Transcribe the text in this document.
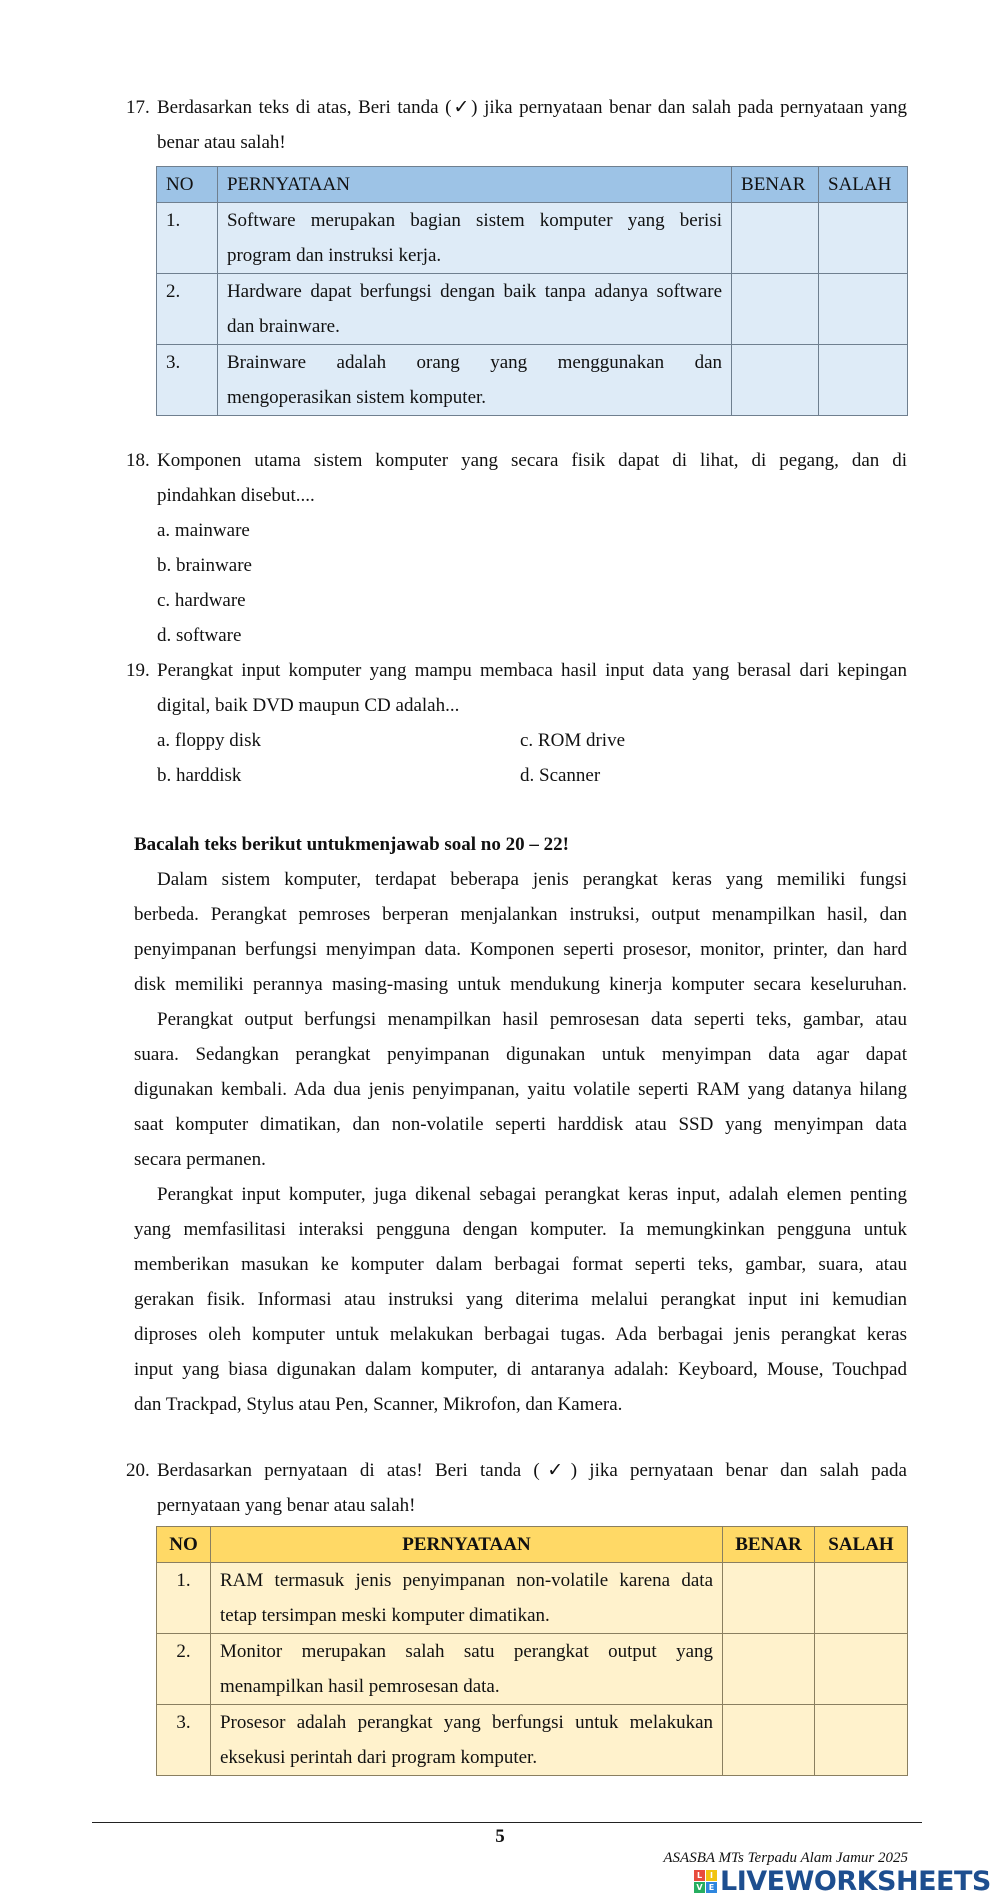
17. Berdasarkan teks di atas, Beri tanda (✓) jika pernyataan benar dan salah pada pernyataan yang
benar atau salah!
NO	PERNYATAAN	BENAR	SALAH
1.	Software merupakan bagian sistem komputer yang berisi program dan instruksi kerja.		
2.	Hardware dapat berfungsi dengan baik tanpa adanya software dan brainware.		
3.	Brainware adalah orang yang menggunakan dan mengoperasikan sistem komputer.		
18. Komponen utama sistem komputer yang secara fisik dapat di lihat, di pegang, dan di
pindahkan disebut....
a. mainware
b. brainware
c. hardware
d. software
19. Perangkat input komputer yang mampu membaca hasil input data yang berasal dari kepingan
digital, baik DVD maupun CD adalah...
a. floppy disk	c. ROM drive
b. harddisk	d. Scanner
Bacalah teks berikut untukmenjawab soal no 20 – 22!
Dalam sistem komputer, terdapat beberapa jenis perangkat keras yang memiliki fungsi
berbeda. Perangkat pemroses berperan menjalankan instruksi, output menampilkan hasil, dan
penyimpanan berfungsi menyimpan data. Komponen seperti prosesor, monitor, printer, dan hard
disk memiliki perannya masing-masing untuk mendukung kinerja komputer secara keseluruhan.
Perangkat output berfungsi menampilkan hasil pemrosesan data seperti teks, gambar, atau
suara. Sedangkan perangkat penyimpanan digunakan untuk menyimpan data agar dapat
digunakan kembali. Ada dua jenis penyimpanan, yaitu volatile seperti RAM yang datanya hilang
saat komputer dimatikan, dan non-volatile seperti harddisk atau SSD yang menyimpan data
secara permanen.
Perangkat input komputer, juga dikenal sebagai perangkat keras input, adalah elemen penting
yang memfasilitasi interaksi pengguna dengan komputer. Ia memungkinkan pengguna untuk
memberikan masukan ke komputer dalam berbagai format seperti teks, gambar, suara, atau
gerakan fisik. Informasi atau instruksi yang diterima melalui perangkat input ini kemudian
diproses oleh komputer untuk melakukan berbagai tugas. Ada berbagai jenis perangkat keras
input yang biasa digunakan dalam komputer, di antaranya adalah: Keyboard, Mouse, Touchpad
dan Trackpad, Stylus atau Pen, Scanner, Mikrofon, dan Kamera.
20. Berdasarkan pernyataan di atas! Beri tanda (✓) jika pernyataan benar dan salah pada
pernyataan yang benar atau salah!
NO	PERNYATAAN	BENAR	SALAH
1.	RAM termasuk jenis penyimpanan non-volatile karena data tetap tersimpan meski komputer dimatikan.		
2.	Monitor merupakan salah satu perangkat output yang menampilkan hasil pemrosesan data.		
3.	Prosesor adalah perangkat yang berfungsi untuk melakukan eksekusi perintah dari program komputer.		
5
ASASBA MTs Terpadu Alam Jamur 2025
L I
V E LIVEWORKSHEETS
